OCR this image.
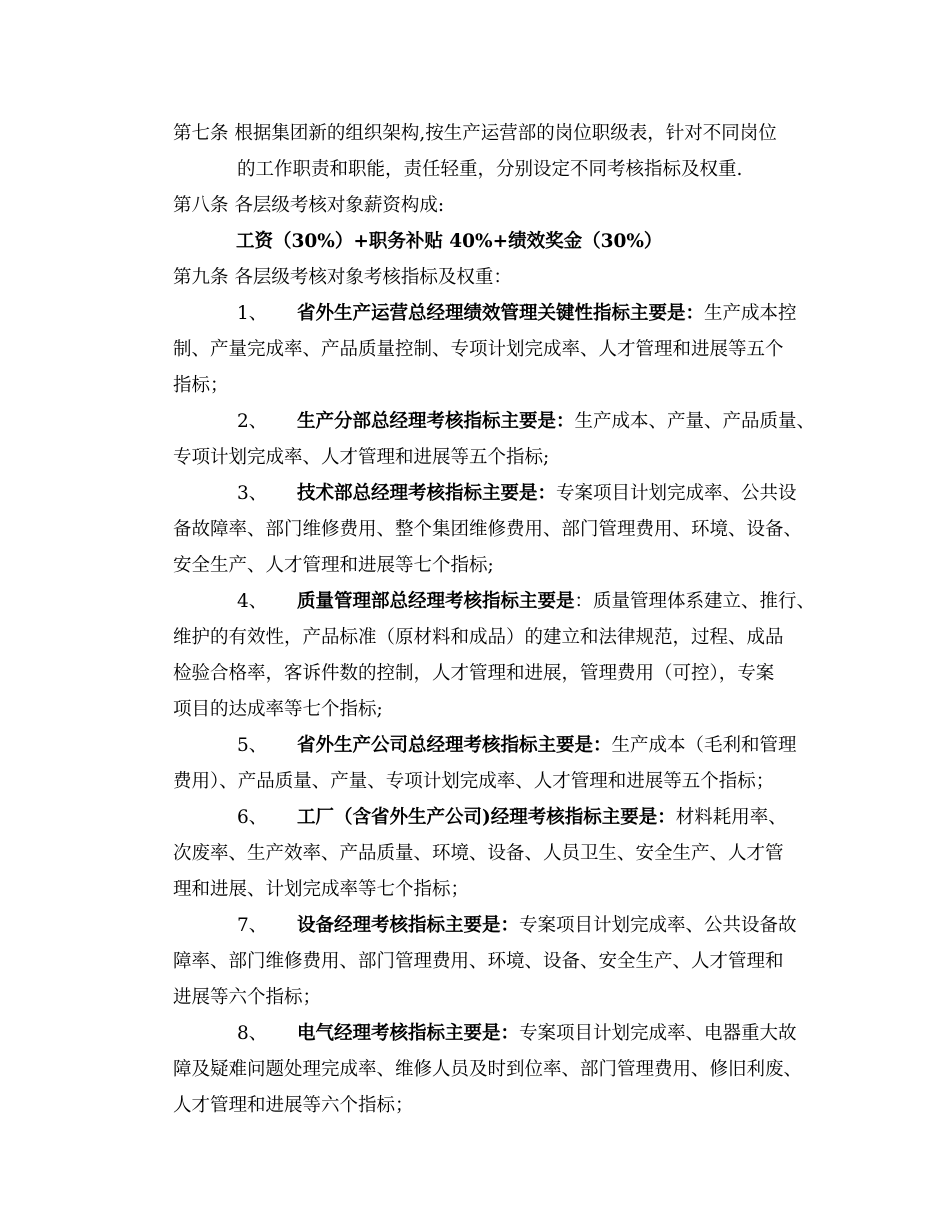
第七条 根据集团新的组织架构,按生产运营部的岗位职级表，针对不同岗位
的工作职责和职能，责任轻重，分别设定不同考核指标及权重.
第八条 各层级考核对象薪资构成:
工资（30%）+职务补贴 40%+绩效奖金（30%）
第九条 各层级考核对象考核指标及权重：
1、 省外生产运营总经理绩效管理关键性指标主要是：生产成本控
制、产量完成率、产品质量控制、专项计划完成率、人才管理和进展等五个
指标；
2、 生产分部总经理考核指标主要是：生产成本、产量、产品质量、
专项计划完成率、人才管理和进展等五个指标;
3、 技术部总经理考核指标主要是：专案项目计划完成率、公共设
备故障率、部门维修费用、整个集团维修费用、部门管理费用、环境、设备、
安全生产、人才管理和进展等七个指标;
4、 质量管理部总经理考核指标主要是：质量管理体系建立、推行、
维护的有效性，产品标准（原材料和成品）的建立和法律规范，过程、成品
检验合格率，客诉件数的控制，人才管理和进展，管理费用（可控），专案
项目的达成率等七个指标;
5、 省外生产公司总经理考核指标主要是：生产成本（毛利和管理
费用）、产品质量、产量、专项计划完成率、人才管理和进展等五个指标；
6、 工厂（含省外生产公司)经理考核指标主要是：材料耗用率、
次废率、生产效率、产品质量、环境、设备、人员卫生、安全生产、人才管
理和进展、计划完成率等七个指标；
7、 设备经理考核指标主要是：专案项目计划完成率、公共设备故
障率、部门维修费用、部门管理费用、环境、设备、安全生产、人才管理和
进展等六个指标；
8、 电气经理考核指标主要是：专案项目计划完成率、电器重大故
障及疑难问题处理完成率、维修人员及时到位率、部门管理费用、修旧利废、
人才管理和进展等六个指标；
